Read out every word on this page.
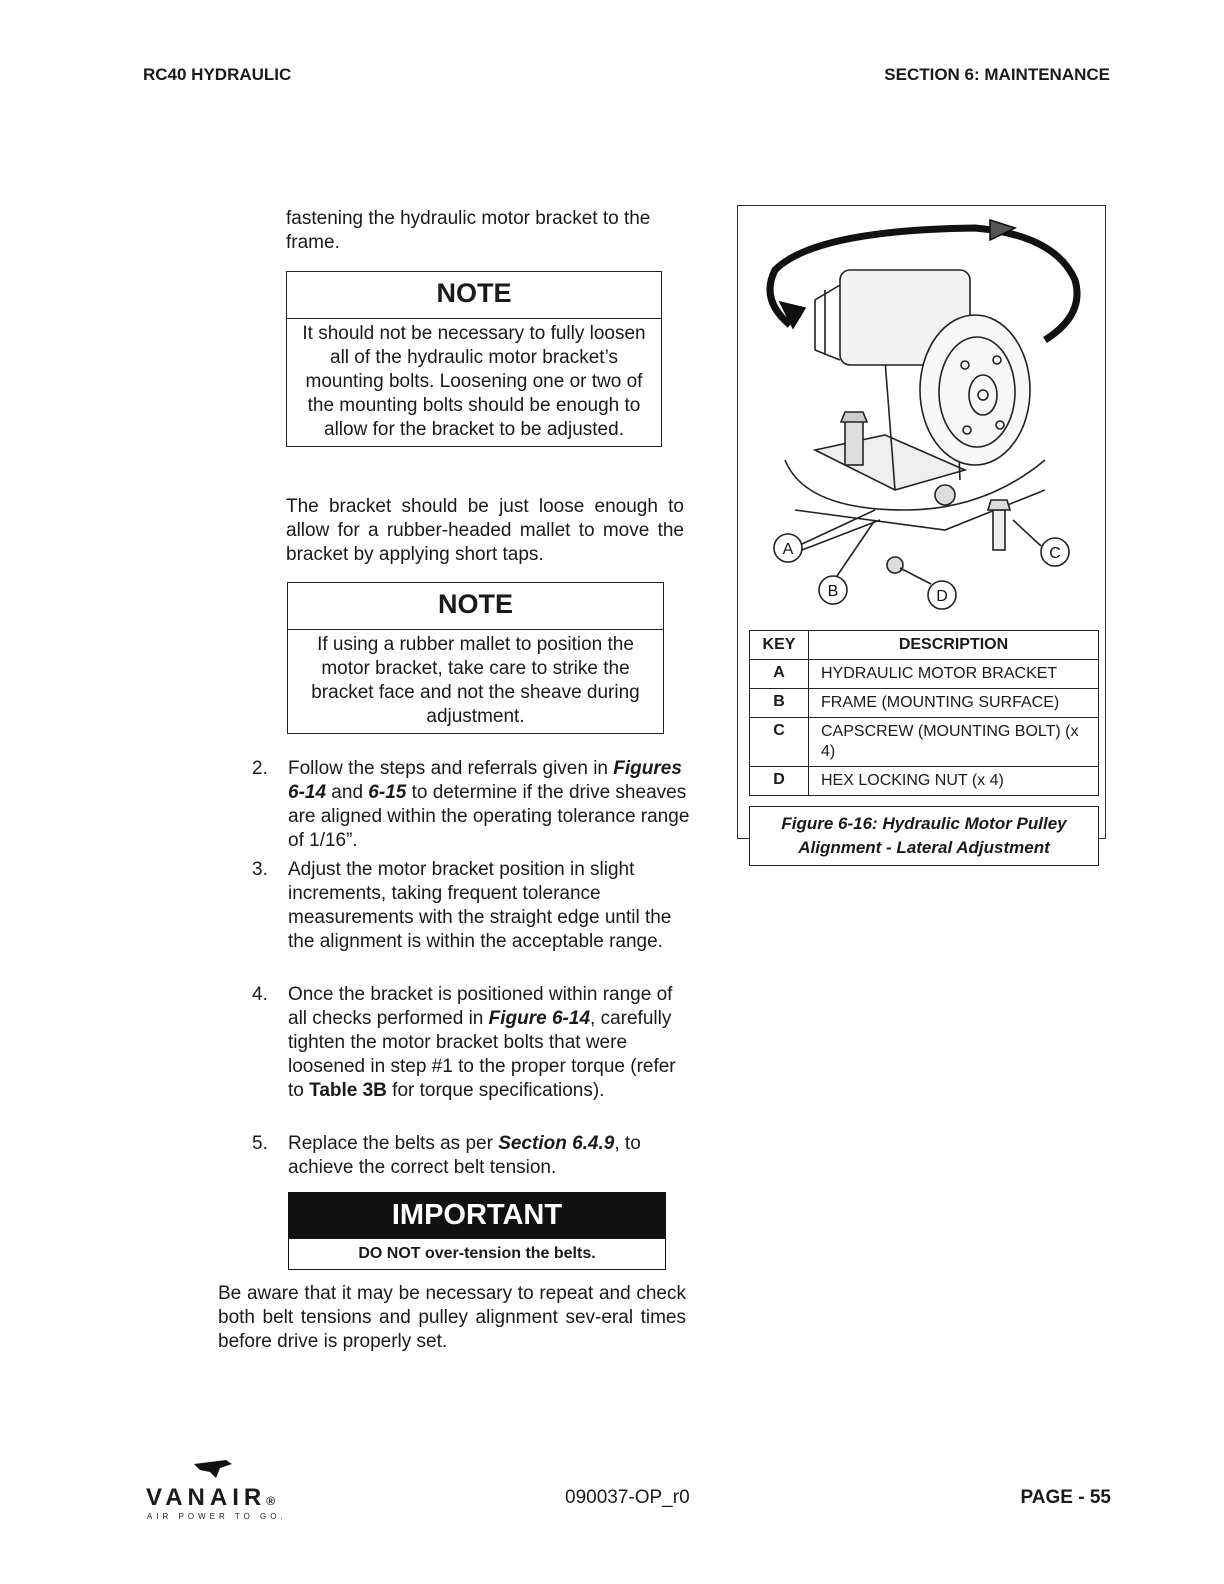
RC40 HYDRAULIC	SECTION 6: MAINTENANCE
fastening the hydraulic motor bracket to the frame.
NOTE
It should not be necessary to fully loosen all of the hydraulic motor bracket’s mounting bolts. Loosening one or two of the mounting bolts should be enough to allow for the bracket to be adjusted.
The bracket should be just loose enough to allow for a rubber-headed mallet to move the bracket by applying short taps.
NOTE
If using a rubber mallet to position the motor bracket, take care to strike the bracket face and not the sheave during adjustment.
2. Follow the steps and referrals given in Figures 6-14 and 6-15 to determine if the drive sheaves are aligned within the operating tolerance range of 1/16”.
3. Adjust the motor bracket position in slight increments, taking frequent tolerance measurements with the straight edge until the the alignment is within the acceptable range.
4. Once the bracket is positioned within range of all checks performed in Figure 6-14, carefully tighten the motor bracket bolts that were loosened in step #1 to the proper torque (refer to Table 3B for torque specifications).
5. Replace the belts as per Section 6.4.9, to achieve the correct belt tension.
IMPORTANT
DO NOT over-tension the belts.
Be aware that it may be necessary to repeat and check both belt tensions and pulley alignment sev-eral times before drive is properly set.
A
B
C
D
KEY	DESCRIPTION
A	HYDRAULIC MOTOR BRACKET
B	FRAME (MOUNTING SURFACE)
C	CAPSCREW (MOUNTING BOLT) (x 4)
D	HEX LOCKING NUT (x 4)
Figure 6-16: Hydraulic Motor Pulley Alignment - Lateral Adjustment
VANAIR®
AIR POWER TO GO.
090037-OP_r0	PAGE - 55
